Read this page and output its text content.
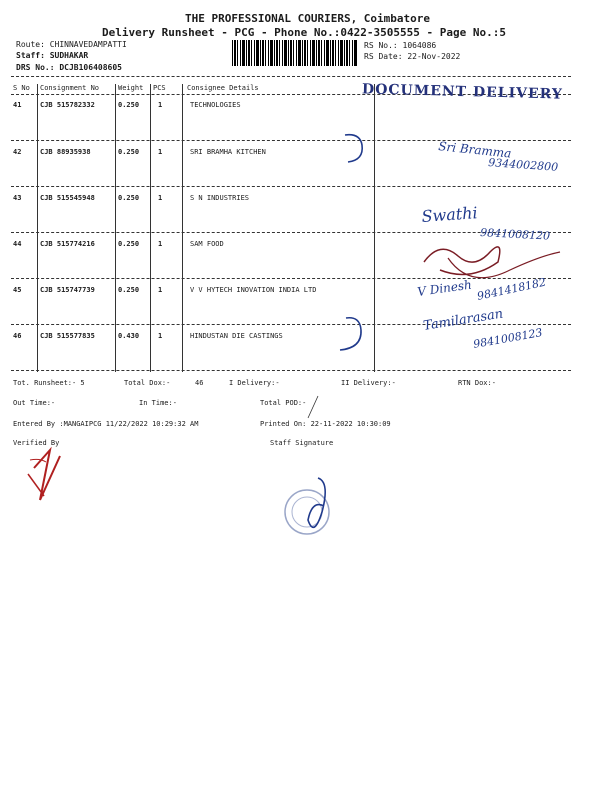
THE PROFESSIONAL COURIERS, Coimbatore
Delivery Runsheet - PCG - Phone No.:0422-3505555 - Page No.:5
Route: CHINNAVEDAMPATTI
Staff: SUDHAKAR
DRS No.: DCJB106408605
RS No.: 1064086
RS Date: 22-Nov-2022
S No Consignment No	Weight PCS	Consignee Details	DOCUMENT DELIVERY
41	CJB 515782332	0.250	1	TECHNOLOGIES
42	CJB 88935938	0.250	1	SRI BRAMHA KITCHEN
43	CJB 515545948	0.250	1	S N INDUSTRIES
44	CJB 515774216	0.250	1	SAM FOOD
45	CJB 515747739	0.250	1	V V HYTECH INOVATION INDIA LTD
46	CJB 515577835	0.430	1	HINDUSTAN DIE CASTINGS
Tot. Runsheet:- 5	Total Dox:-	46	I Delivery:-	II Delivery:-	RTN Dox:-
Out Time:-	In Time:-	Total POD:-
Entered By :MANGAIPCG 11/22/2022 10:29:32 AM	Printed On: 22-11-2022 10:30:09
Verified By	Staff Signature
Sri Bramma
9344002800
Swathi
9841008120
V Dinesh 9841418182
Tamilarasan
9841008123
